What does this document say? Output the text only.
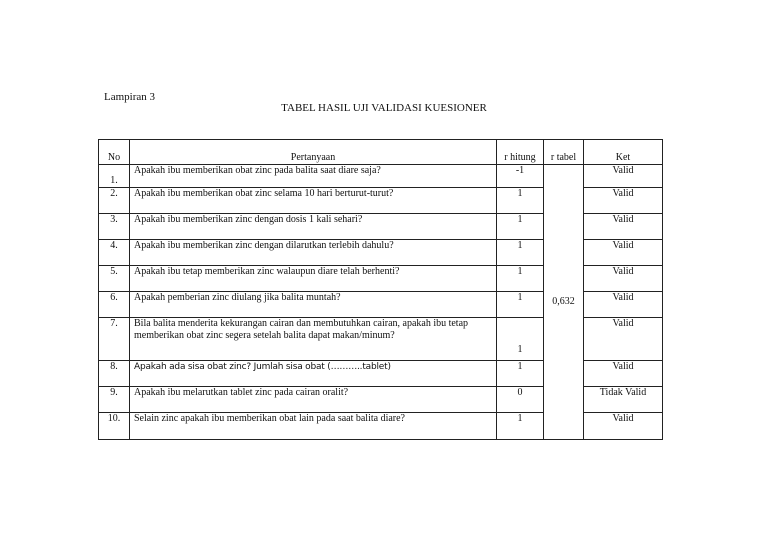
Lampiran 3
TABEL HASIL UJI VALIDASI KUESIONER
No	Pertanyaan	r hitung	r tabel	Ket
1.	Apakah ibu memberikan obat zinc pada balita saat diare saja?	-1	0,632	Valid
2.	Apakah ibu memberikan obat zinc selama 10 hari berturut-turut?	1		Valid
3.	Apakah ibu memberikan zinc dengan dosis 1 kali sehari?	1		Valid
4.	Apakah ibu memberikan zinc dengan dilarutkan terlebih dahulu?	1		Valid
5.	Apakah ibu tetap memberikan zinc walaupun diare telah berhenti?	1		Valid
6.	Apakah pemberian zinc diulang jika balita muntah?	1		Valid
7.	Bila balita menderita kekurangan cairan dan membutuhkan cairan, apakah ibu tetap memberikan obat zinc segera setelah balita dapat makan/minum?	1		Valid
8.	Apakah ada sisa obat zinc? Jumlah sisa obat (………..tablet)	1		Valid
9.	Apakah ibu melarutkan tablet zinc pada cairan oralit?	0		Tidak Valid
10.	Selain zinc apakah ibu memberikan obat lain pada saat balita diare?	1		Valid
